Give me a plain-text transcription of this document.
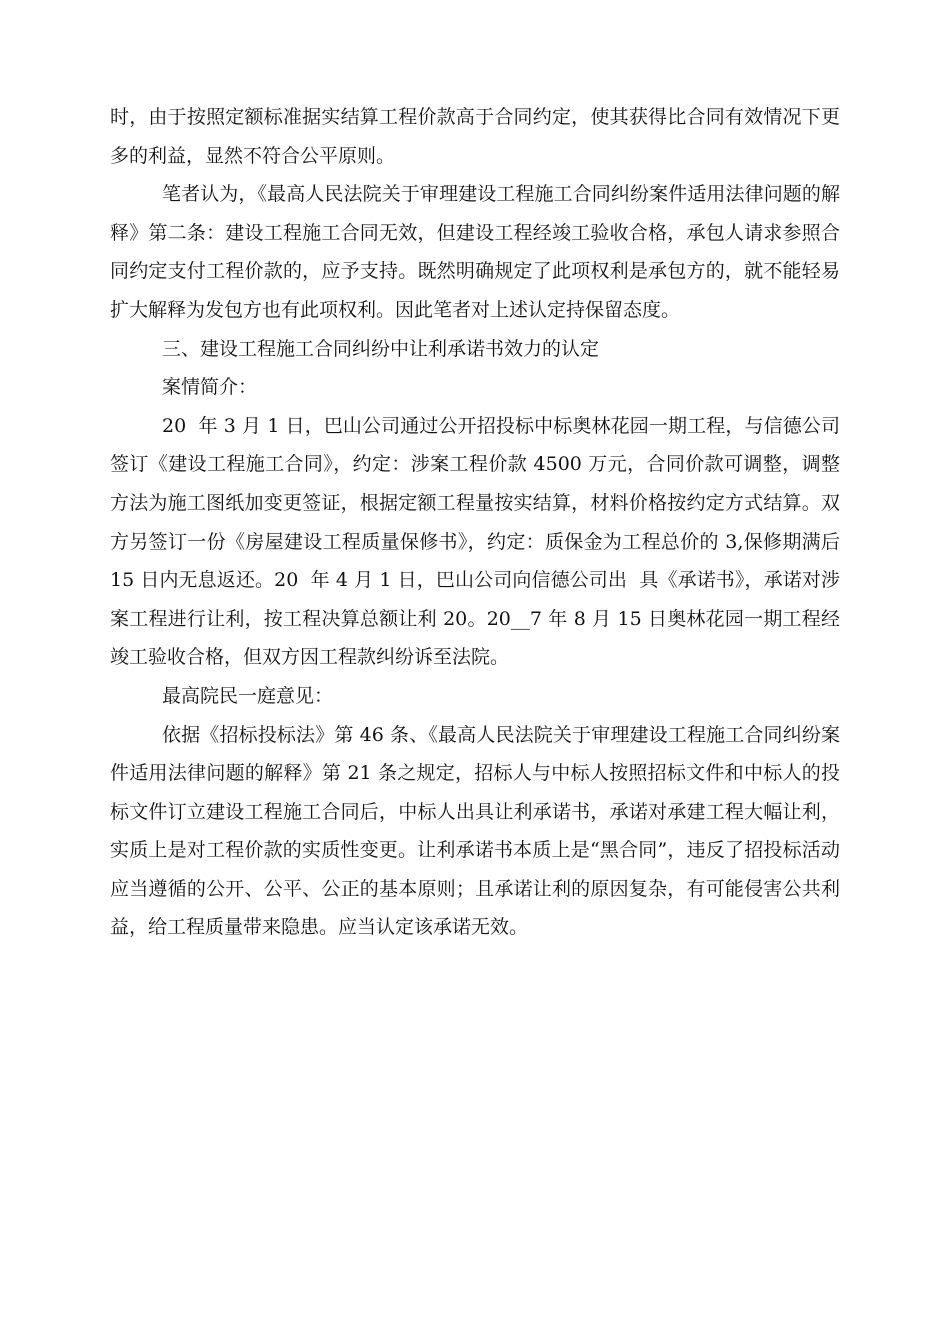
时，由于按照定额标准据实结算工程价款高于合同约定，使其获得比合同有效情况下更多的利益，显然不符合公平原则。

笔者认为，《最高人民法院关于审理建设工程施工合同纠纷案件适用法律问题的解释》第二条：建设工程施工合同无效，但建设工程经竣工验收合格，承包人请求参照合同约定支付工程价款的，应予支持。既然明确规定了此项权利是承包方的，就不能轻易扩大解释为发包方也有此项权利。因此笔者对上述认定持保留态度。

三、建设工程施工合同纠纷中让利承诺书效力的认定

案情简介：

20  年 3 月 1 日，巴山公司通过公开招投标中标奥林花园一期工程，与信德公司签订《建设工程施工合同》，约定：涉案工程价款 4500 万元，合同价款可调整，调整方法为施工图纸加变更签证，根据定额工程量按实结算，材料价格按约定方式结算。双方另签订一份《房屋建设工程质量保修书》，约定：质保金为工程总价的 3,保修期满后 15 日内无息返还。20  年 4 月 1 日，巴山公司向信德公司出  具《承诺书》，承诺对涉案工程进行让利，按工程决算总额让利 20。20__7 年 8 月 15 日奥林花园一期工程经竣工验收合格，但双方因工程款纠纷诉至法院。

最高院民一庭意见：

依据《招标投标法》第 46 条、《最高人民法院关于审理建设工程施工合同纠纷案件适用法律问题的解释》第 21 条之规定，招标人与中标人按照招标文件和中标人的投标文件订立建设工程施工合同后，中标人出具让利承诺书，承诺对承建工程大幅让利，实质上是对工程价款的实质性变更。让利承诺书本质上是“黑合同”，违反了招投标活动应当遵循的公开、公平、公正的基本原则；且承诺让利的原因复杂，有可能侵害公共利益，给工程质量带来隐患。应当认定该承诺无效。
